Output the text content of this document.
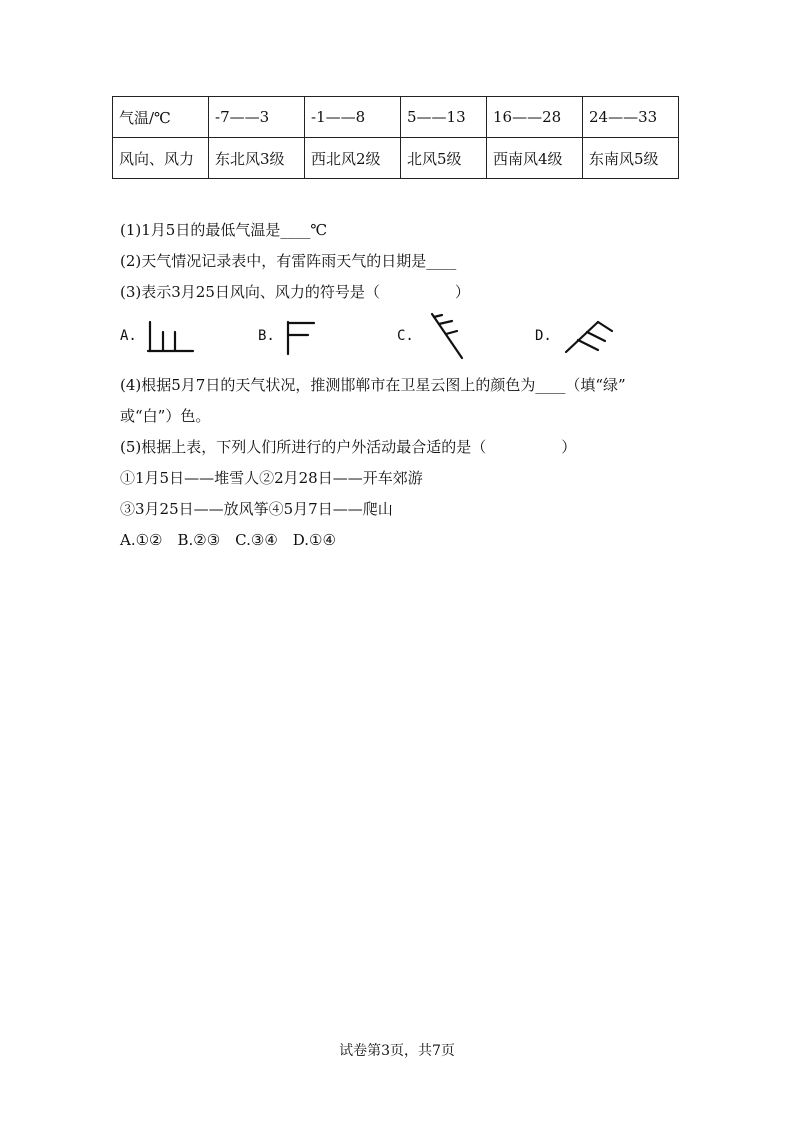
气温/℃	-7——3	-1——8	5——13	16——28	24——33
风向、风力	东北风3级	西北风2级	北风5级	西南风4级	东南风5级
(1)1月5日的最低气温是____℃
(2)天气情况记录表中，有雷阵雨天气的日期是____
(3)表示3月25日风向、风力的符号是（　　　　　）
A.	B.	C.	D.
(4)根据5月7日的天气状况，推测邯郸市在卫星云图上的颜色为____（填“绿”
或“白”）色。
(5)根据上表，下列人们所进行的户外活动最合适的是（　　　　　）
①1月5日——堆雪人②2月28日——开车郊游
③3月25日——放风筝④5月7日——爬山
A.①②　B.②③　C.③④　D.①④
试卷第3页，共7页
